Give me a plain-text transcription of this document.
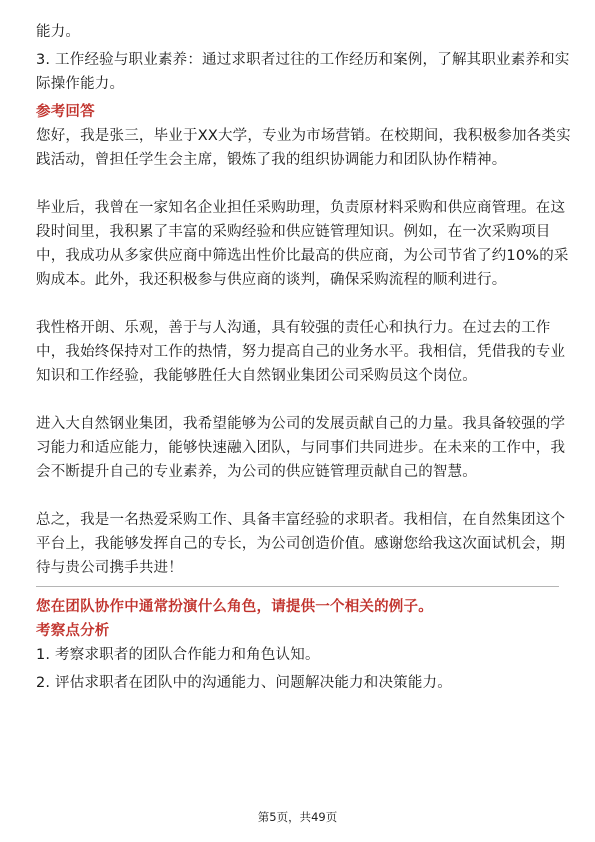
能力。
3. 工作经验与职业素养：通过求职者过往的工作经历和案例，了解其职业素养和实
际操作能力。
参考回答
您好，我是张三，毕业于XX大学，专业为市场营销。在校期间，我积极参加各类实
践活动，曾担任学生会主席，锻炼了我的组织协调能力和团队协作精神。
毕业后，我曾在一家知名企业担任采购助理，负责原材料采购和供应商管理。在这
段时间里，我积累了丰富的采购经验和供应链管理知识。例如，在一次采购项目
中，我成功从多家供应商中筛选出性价比最高的供应商，为公司节省了约10%的采
购成本。此外，我还积极参与供应商的谈判，确保采购流程的顺利进行。
我性格开朗、乐观，善于与人沟通，具有较强的责任心和执行力。在过去的工作
中，我始终保持对工作的热情，努力提高自己的业务水平。我相信，凭借我的专业
知识和工作经验，我能够胜任大自然钢业集团公司采购员这个岗位。
进入大自然钢业集团，我希望能够为公司的发展贡献自己的力量。我具备较强的学
习能力和适应能力，能够快速融入团队，与同事们共同进步。在未来的工作中，我
会不断提升自己的专业素养，为公司的供应链管理贡献自己的智慧。
总之，我是一名热爱采购工作、具备丰富经验的求职者。我相信，在自然集团这个
平台上，我能够发挥自己的专长，为公司创造价值。感谢您给我这次面试机会，期
待与贵公司携手共进！
您在团队协作中通常扮演什么角色，请提供一个相关的例子。
考察点分析
1. 考察求职者的团队合作能力和角色认知。
2. 评估求职者在团队中的沟通能力、问题解决能力和决策能力。
第5页，共49页
